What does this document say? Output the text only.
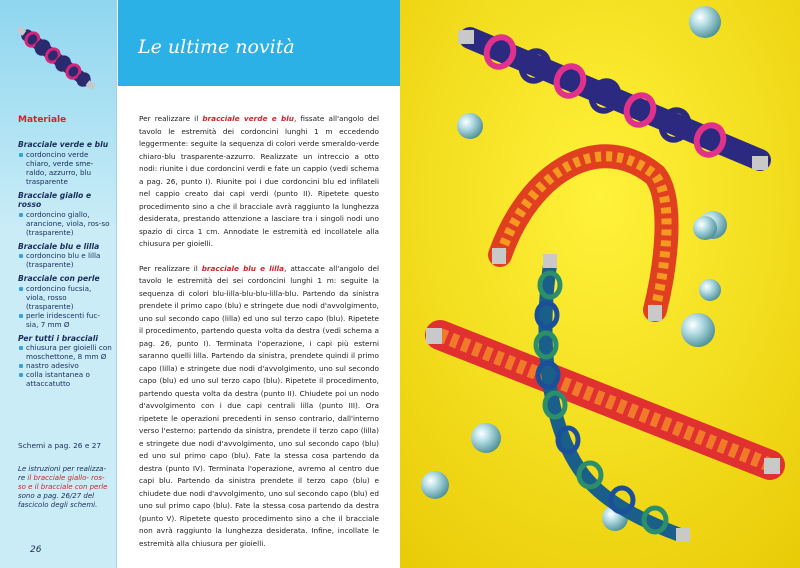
Materiale
Bracciale verde e blu
cordoncino verde chiaro, verde sme-raldo, azzurro, blu trasparente
Bracciale giallo e rosso
cordoncino giallo, arancione, viola, ros-so (trasparente)
Bracciale blu e lilla
cordoncino blu e lilla (trasparente)
Bracciale con perle
cordoncino fucsia, viola, rosso (trasparente)
perle iridescenti fuc-sia, 7 mm Ø
Per tutti i bracciali
chiusura per gioielli con moschettone, 8 mm Ø
nastro adesivo
colla istantanea o attaccatutto
Schemi a pag. 26 e 27
Le istruzioni per realizza-re il bracciale giallo- ros-so e il bracciale con perle sono a pag. 26/27 del fascicolo degli schemi.
26
Le ultime novità

Per realizzare il bracciale verde e blu, fissate all'angolo del tavolo le estremità dei cordoncini lunghi 1 m eccedendo leggermente: seguite la sequenza di colori verde smeraldo-verde chiaro-blu trasparente-azzurro. Realizzate un intreccio a otto nodi: riunite i due cordoncini verdi e fate un cappio (vedi schema a pag. 26, punto I). Riunite poi i due cordoncini blu ed infilateli nel cappio creato dai capi verdi (punto II). Ripetete questo procedimento sino a che il bracciale avrà raggiunto la lunghezza desiderata, prestando attenzione a lasciare tra i singoli nodi uno spazio di circa 1 cm. Annodate le estremità ed incollatele alla chiusura per gioielli.

Per realizzare il bracciale blu e lilla, attaccate all'angolo del tavolo le estremità dei sei cordoncini lunghi 1 m: seguite la sequenza di colori blu-lilla-blu-blu-lilla-blu. Partendo da sinistra prendete il primo capo (blu) e stringete due nodi d'avvolgimento, uno sul secondo capo (lilla) ed uno sul terzo capo (blu). Ripetete il procedimento, partendo questa volta da destra (vedi schema a pag. 26, punto I). Terminata l'operazione, i capi più esterni saranno quelli lilla. Partendo da sinistra, prendete quindi il primo capo (lilla) e stringete due nodi d'avvolgimento, uno sul secondo capo (blu) ed uno sul terzo capo (blu). Ripetete il procedimento, partendo questa volta da destra (punto II). Chiudete poi un nodo d'avvolgimento con i due capi centrali lilla (punto III). Ora ripetete le operazioni precedenti in senso contrario, dall'interno verso l'esterno: partendo da sinistra, prendete il terzo capo (lilla) e stringete due nodi d'avvolgimento, uno sul secondo capo (blu) ed uno sul primo capo (blu). Fate la stessa cosa partendo da destra (punto IV). Terminata l'operazione, avremo al centro due capi blu. Partendo da sinistra prendete il terzo capo (blu) e chiudete due nodi d'avvolgimento, uno sul secondo capo (blu) ed uno sul primo capo (blu). Fate la stessa cosa partendo da destra (punto V). Ripetete questo procedimento sino a che il bracciale non avrà raggiunto la lunghezza desiderata. Infine, incollate le estremità alla chiusura per gioielli.
